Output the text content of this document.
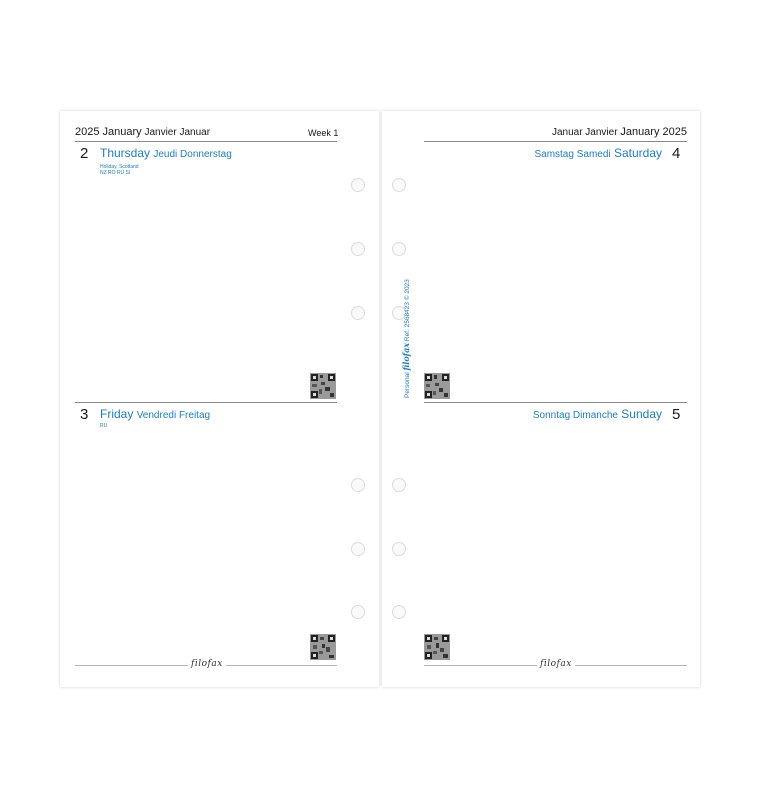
2025 January Janvier Januar	Week 1
2 Thursday Jeudi Donnerstag
Holiday, Scotland
NZ RO RU SI
3 Friday Vendredi Freitag
RU
filofax
Januar Janvier January 2025
Samstag Samedi Saturday 4
Sonntag Dimanche Sunday 5
filofax
Personal filofax Ref. 2568423 © 2023
